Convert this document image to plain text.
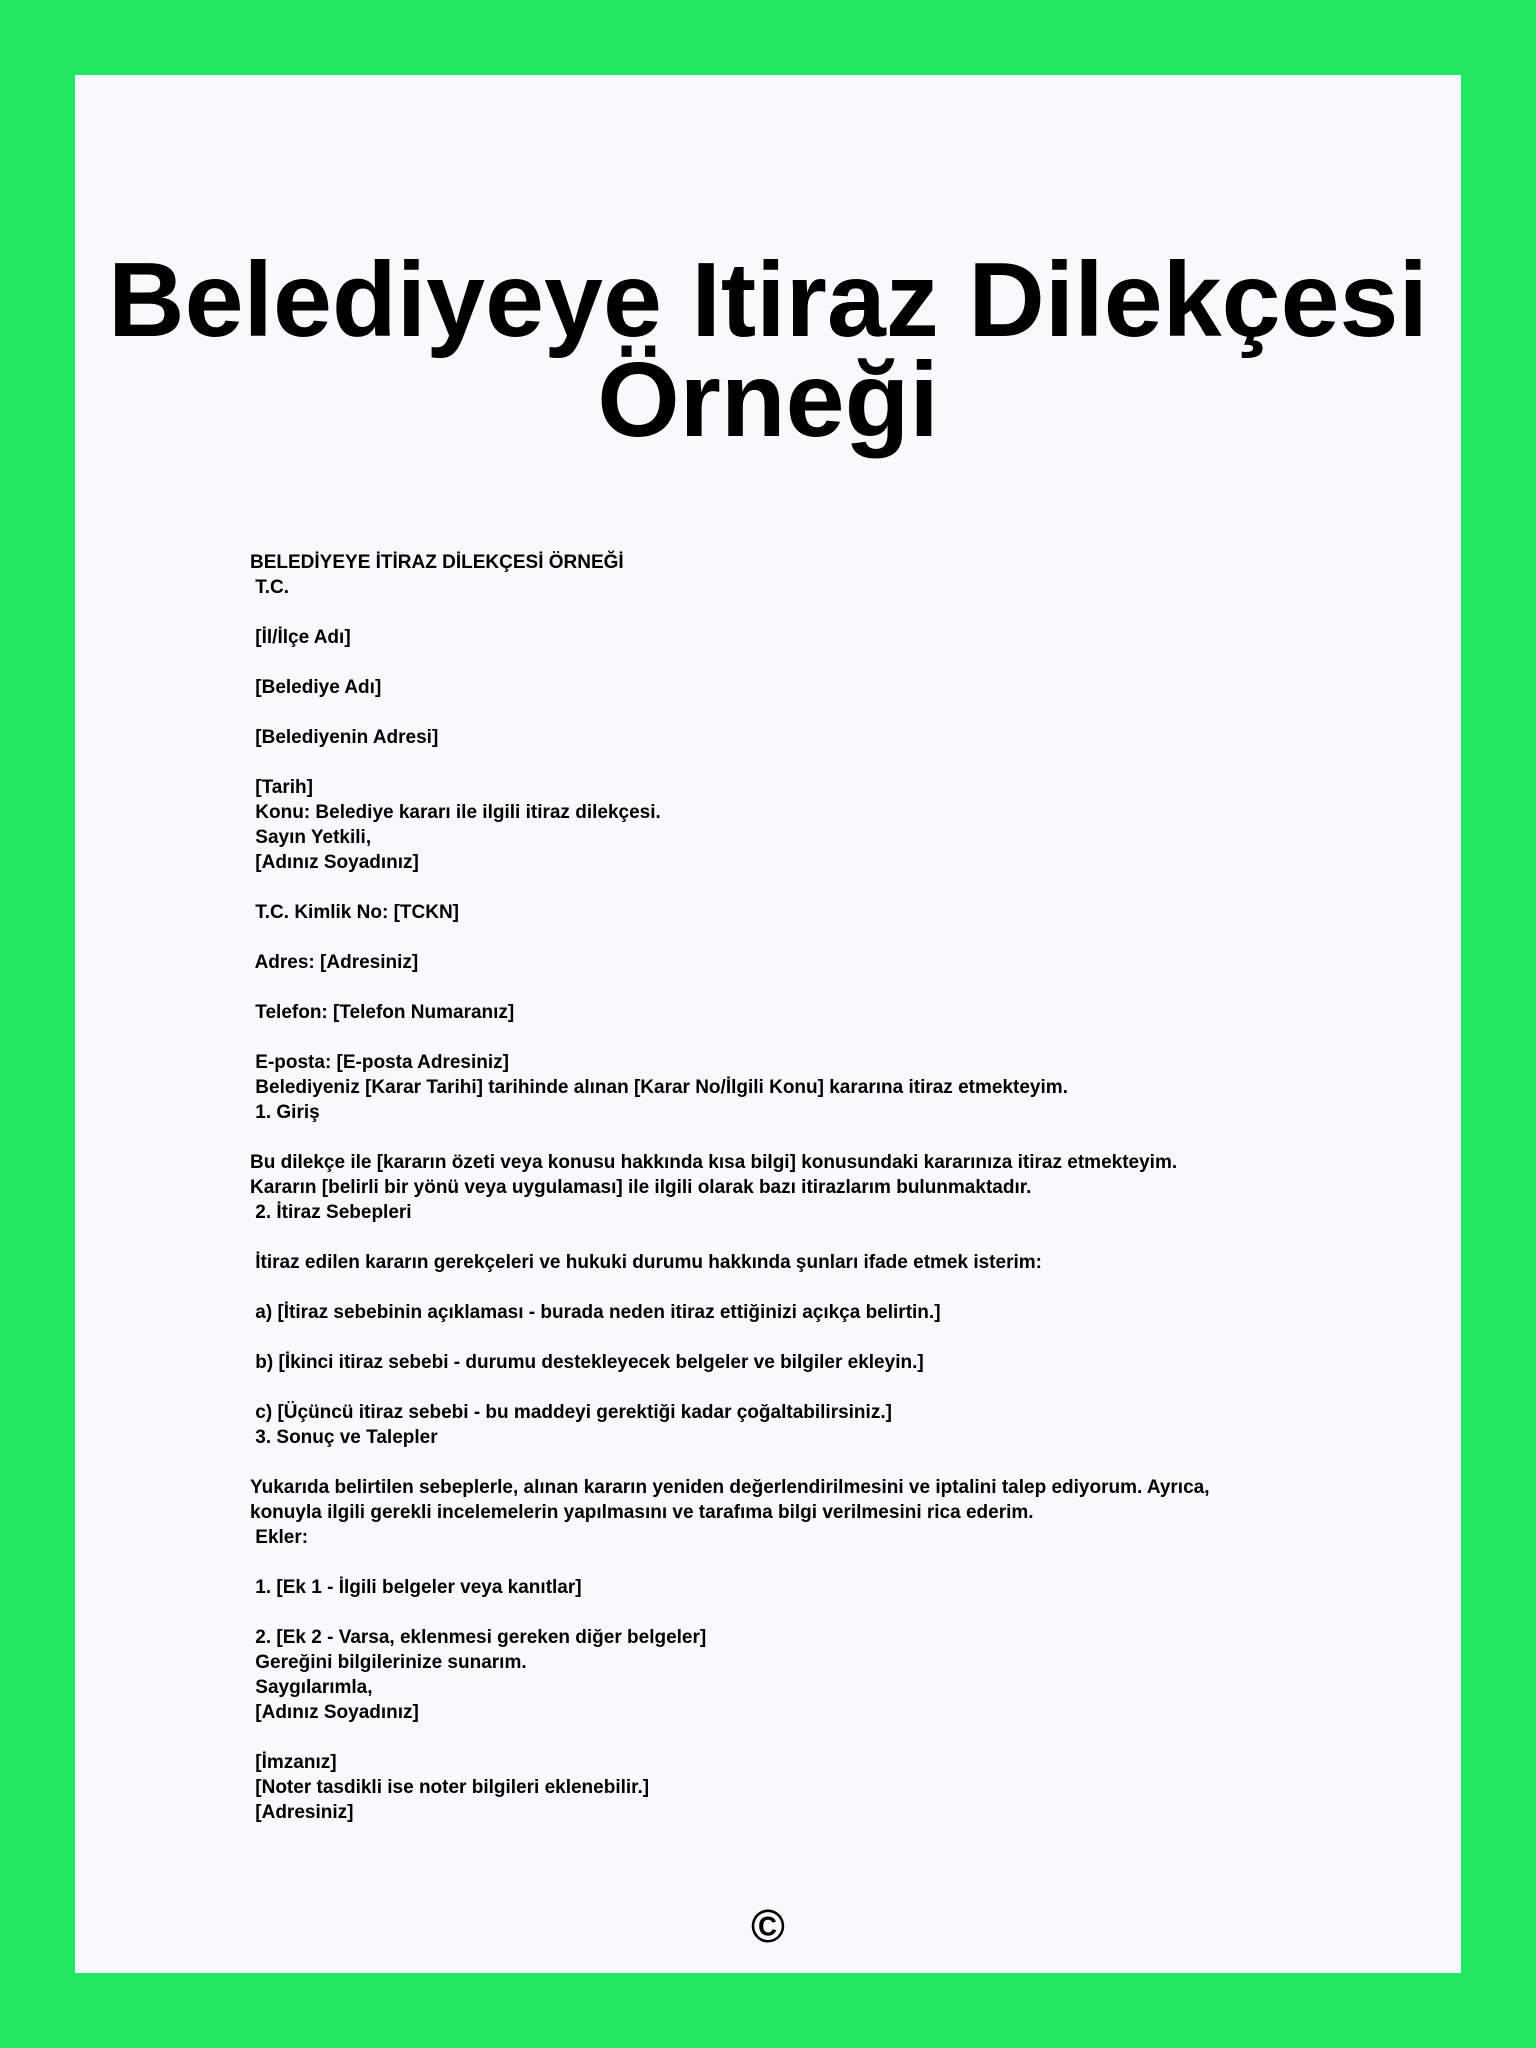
Belediyeye Itiraz Dilekçesi
Örneği
BELEDİYEYE İTİRAZ DİLEKÇESİ ÖRNEĞİ
T.C.
[İl/İlçe Adı]
[Belediye Adı]
[Belediyenin Adresi]
[Tarih]
Konu: Belediye kararı ile ilgili itiraz dilekçesi.
Sayın Yetkili,
[Adınız Soyadınız]
T.C. Kimlik No: [TCKN]
Adres: [Adresiniz]
Telefon: [Telefon Numaranız]
E-posta: [E-posta Adresiniz]
Belediyeniz [Karar Tarihi] tarihinde alınan [Karar No/İlgili Konu] kararına itiraz etmekteyim.
1. Giriş
Bu dilekçe ile [kararın özeti veya konusu hakkında kısa bilgi] konusundaki kararınıza itiraz etmekteyim.
Kararın [belirli bir yönü veya uygulaması] ile ilgili olarak bazı itirazlarım bulunmaktadır.
2. İtiraz Sebepleri
İtiraz edilen kararın gerekçeleri ve hukuki durumu hakkında şunları ifade etmek isterim:
a) [İtiraz sebebinin açıklaması - burada neden itiraz ettiğinizi açıkça belirtin.]
b) [İkinci itiraz sebebi - durumu destekleyecek belgeler ve bilgiler ekleyin.]
c) [Üçüncü itiraz sebebi - bu maddeyi gerektiği kadar çoğaltabilirsiniz.]
3. Sonuç ve Talepler
Yukarıda belirtilen sebeplerle, alınan kararın yeniden değerlendirilmesini ve iptalini talep ediyorum. Ayrıca,
konuyla ilgili gerekli incelemelerin yapılmasını ve tarafıma bilgi verilmesini rica ederim.
Ekler:
1. [Ek 1 - İlgili belgeler veya kanıtlar]
2. [Ek 2 - Varsa, eklenmesi gereken diğer belgeler]
Gereğini bilgilerinize sunarım.
Saygılarımla,
[Adınız Soyadınız]
[İmzanız]
[Noter tasdikli ise noter bilgileri eklenebilir.]
[Adresiniz]
©
